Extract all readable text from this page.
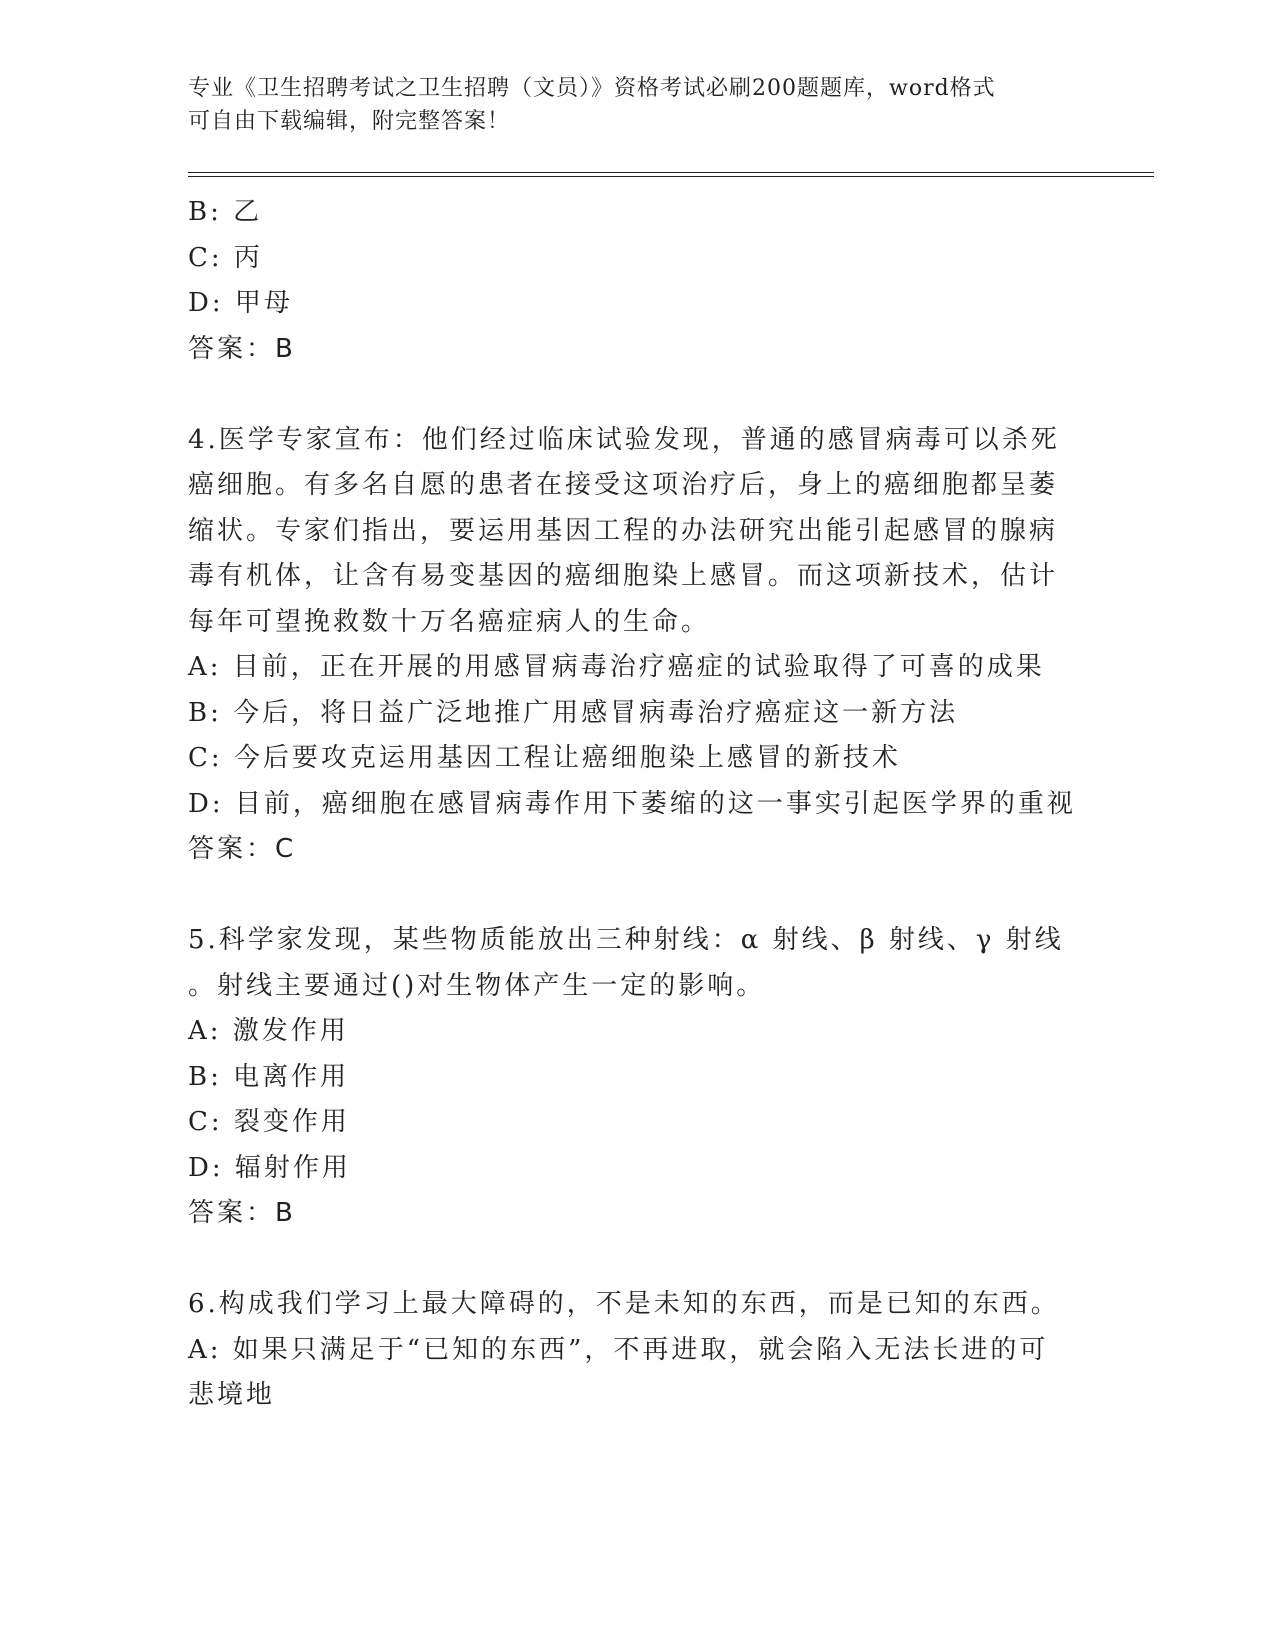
专业《卫生招聘考试之卫生招聘（文员）》资格考试必刷200题题库，word格式
可自由下载编辑，附完整答案！
B: 乙
C: 丙
D: 甲母
答案：B
4.医学专家宣布：他们经过临床试验发现，普通的感冒病毒可以杀死
癌细胞。有多名自愿的患者在接受这项治疗后，身上的癌细胞都呈萎
缩状。专家们指出，要运用基因工程的办法研究出能引起感冒的腺病
毒有机体，让含有易变基因的癌细胞染上感冒。而这项新技术，估计
每年可望挽救数十万名癌症病人的生命。
A: 目前，正在开展的用感冒病毒治疗癌症的试验取得了可喜的成果
B: 今后，将日益广泛地推广用感冒病毒治疗癌症这一新方法
C: 今后要攻克运用基因工程让癌细胞染上感冒的新技术
D: 目前，癌细胞在感冒病毒作用下萎缩的这一事实引起医学界的重视
答案：C
5.科学家发现，某些物质能放出三种射线：α 射线、β 射线、γ 射线
。射线主要通过()对生物体产生一定的影响。
A: 激发作用
B: 电离作用
C: 裂变作用
D: 辐射作用
答案：B
6.构成我们学习上最大障碍的，不是未知的东西，而是已知的东西。
A: 如果只满足于“已知的东西”，不再进取，就会陷入无法长进的可
悲境地
